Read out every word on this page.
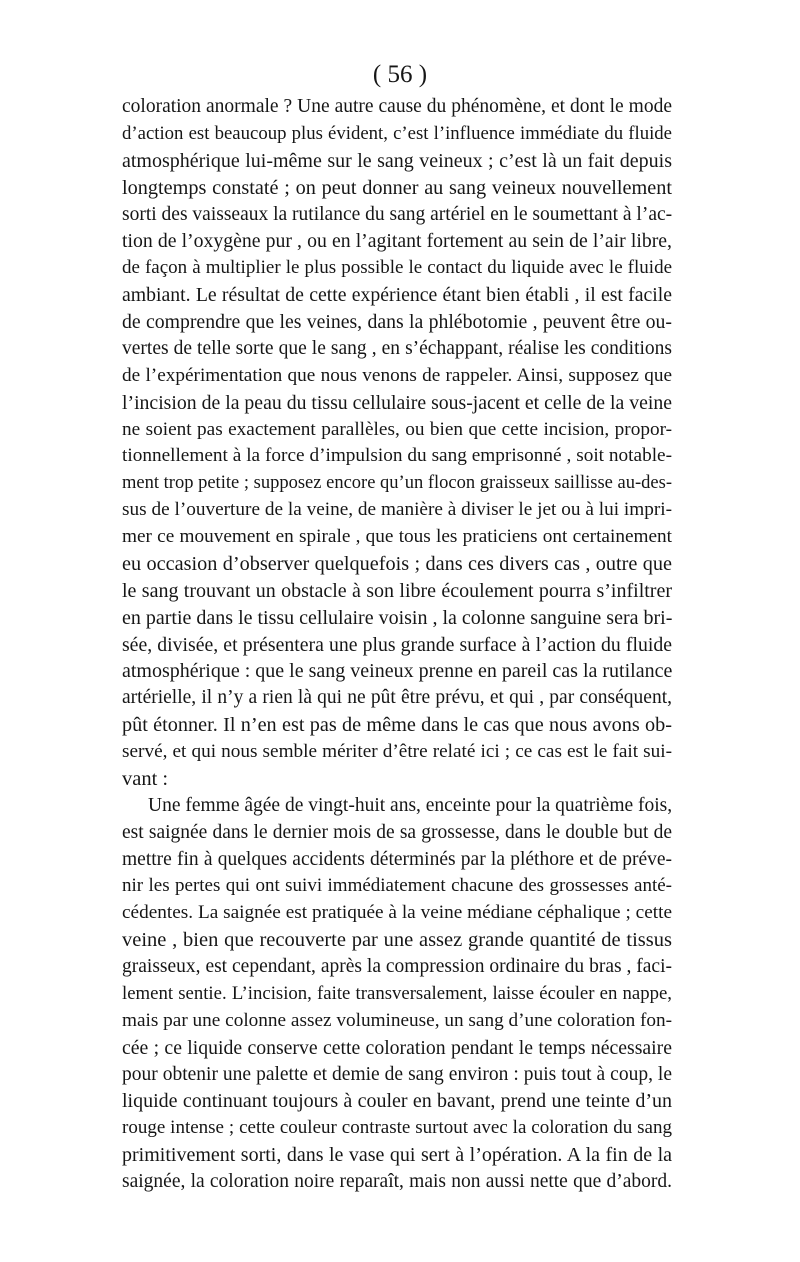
( 56 )
coloration anormale ? Une autre cause du phénomène, et dont le mode
d’action est beaucoup plus évident, c’est l’influence immédiate du fluide
atmosphérique lui-même sur le sang veineux ; c’est là un fait depuis
longtemps constaté ; on peut donner au sang veineux nouvellement
sorti des vaisseaux la rutilance du sang artériel en le soumettant à l’ac-
tion de l’oxygène pur , ou en l’agitant fortement au sein de l’air libre,
de façon à multiplier le plus possible le contact du liquide avec le fluide
ambiant. Le résultat de cette expérience étant bien établi , il est facile
de comprendre que les veines, dans la phlébotomie , peuvent être ou-
vertes de telle sorte que le sang , en s’échappant, réalise les conditions
de l’expérimentation que nous venons de rappeler. Ainsi, supposez que
l’incision de la peau du tissu cellulaire sous-jacent et celle de la veine
ne soient pas exactement parallèles, ou bien que cette incision, propor-
tionnellement à la force d’impulsion du sang emprisonné , soit notable-
ment trop petite ; supposez encore qu’un flocon graisseux saillisse au-des-
sus de l’ouverture de la veine, de manière à diviser le jet ou à lui impri-
mer ce mouvement en spirale , que tous les praticiens ont certainement
eu occasion d’observer quelquefois ; dans ces divers cas , outre que
le sang trouvant un obstacle à son libre écoulement pourra s’infiltrer
en partie dans le tissu cellulaire voisin , la colonne sanguine sera bri-
sée, divisée, et présentera une plus grande surface à l’action du fluide
atmosphérique : que le sang veineux prenne en pareil cas la rutilance
artérielle, il n’y a rien là qui ne pût être prévu, et qui , par conséquent,
pût étonner. Il n’en est pas de même dans le cas que nous avons ob-
servé, et qui nous semble mériter d’être relaté ici ; ce cas est le fait sui-
vant :
Une femme âgée de vingt-huit ans, enceinte pour la quatrième fois,
est saignée dans le dernier mois de sa grossesse, dans le double but de
mettre fin à quelques accidents déterminés par la pléthore et de préve-
nir les pertes qui ont suivi immédiatement chacune des grossesses anté-
cédentes. La saignée est pratiquée à la veine médiane céphalique ; cette
veine , bien que recouverte par une assez grande quantité de tissus
graisseux, est cependant, après la compression ordinaire du bras , faci-
lement sentie. L’incision, faite transversalement, laisse écouler en nappe,
mais par une colonne assez volumineuse, un sang d’une coloration fon-
cée ; ce liquide conserve cette coloration pendant le temps nécessaire
pour obtenir une palette et demie de sang environ : puis tout à coup, le
liquide continuant toujours à couler en bavant, prend une teinte d’un
rouge intense ; cette couleur contraste surtout avec la coloration du sang
primitivement sorti, dans le vase qui sert à l’opération. A la fin de la
saignée, la coloration noire reparaît, mais non aussi nette que d’abord.
